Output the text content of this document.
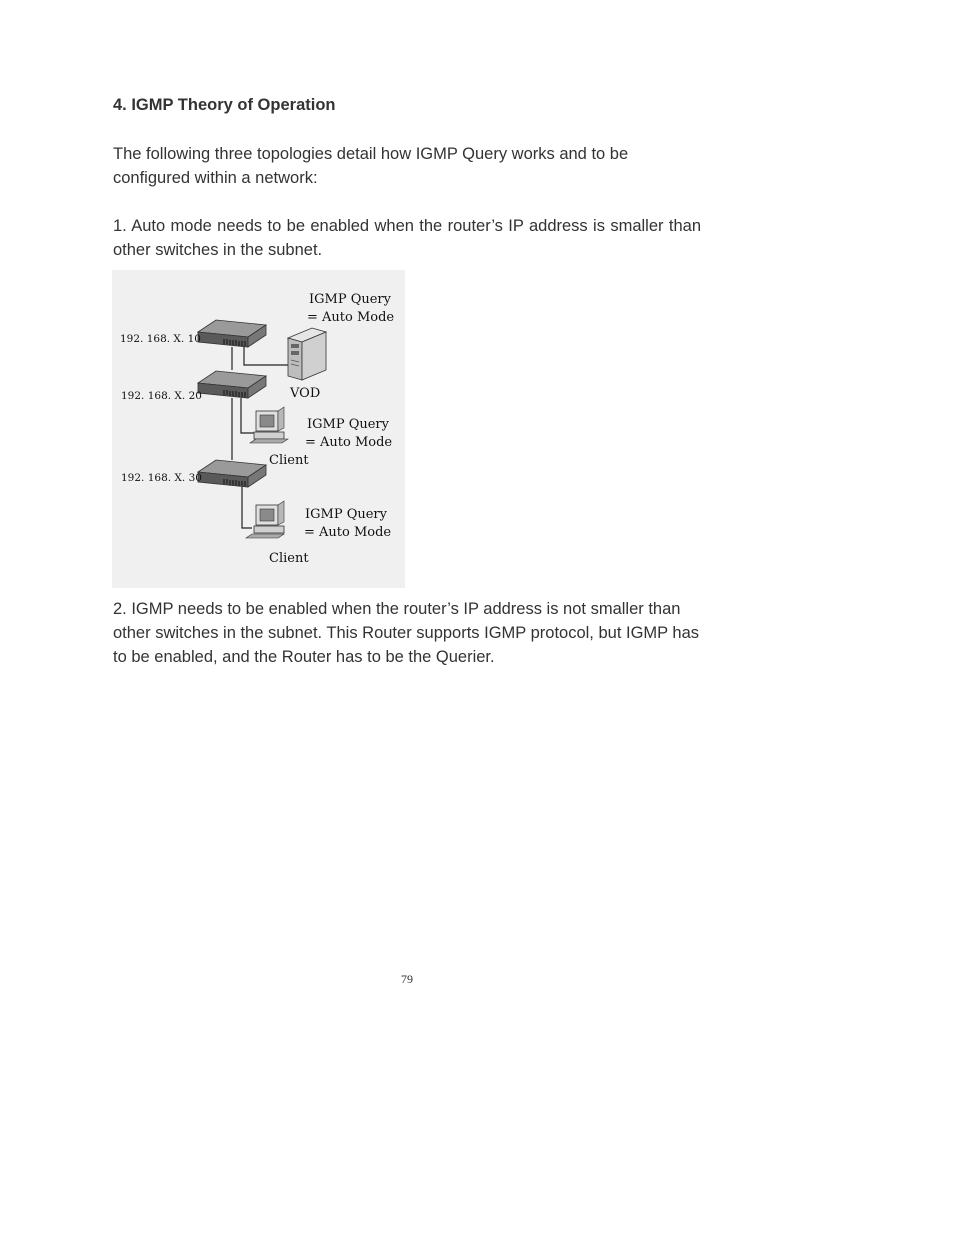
4. IGMP Theory of Operation

The following three topologies detail how IGMP Query works and to be configured within a network:

1. Auto mode needs to be enabled when the router’s IP address is smaller than other switches in the subnet.

192. 168. X. 10
192. 168. X. 20
192. 168. X. 30
VOD
Client
Client
IGMP Query
= Auto Mode
IGMP Query
= Auto Mode
IGMP Query
= Auto Mode

2. IGMP needs to be enabled when the router’s IP address is not smaller than other switches in the subnet. This Router supports IGMP protocol, but IGMP has to be enabled, and the Router has to be the Querier.

79
